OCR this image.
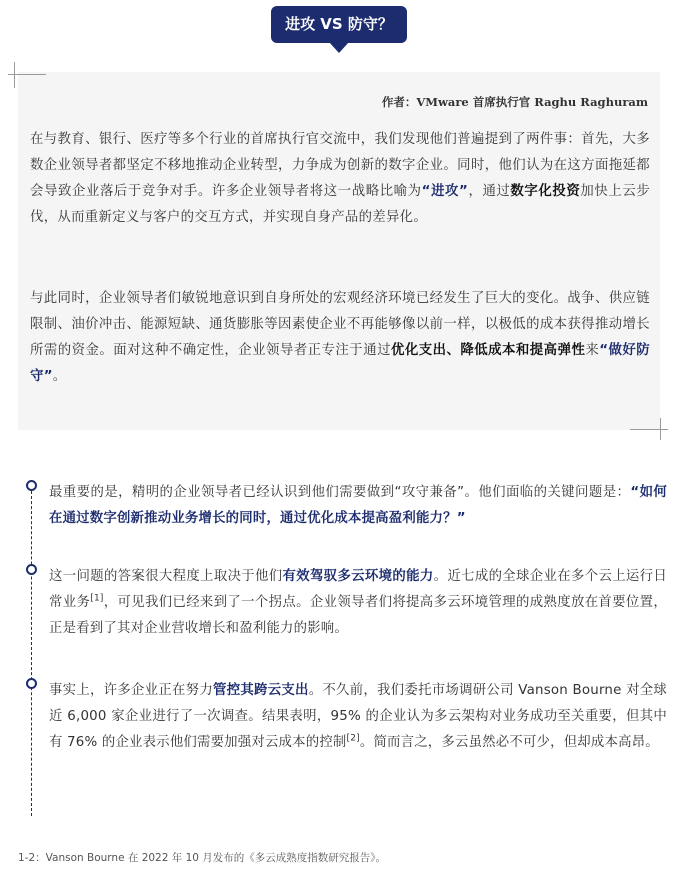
进攻 VS 防守？
作者：VMware 首席执行官 Raghu Raghuram

在与教育、银行、医疗等多个行业的首席执行官交流中，我们发现他们普遍提到了两件事：首先，大多数企业领导者都坚定不移地推动企业转型，力争成为创新的数字企业。同时，他们认为在这方面拖延都会导致企业落后于竞争对手。许多企业领导者将这一战略比喻为“进攻”，通过数字化投资加快上云步伐，从而重新定义与客户的交互方式，并实现自身产品的差异化。

与此同时，企业领导者们敏锐地意识到自身所处的宏观经济环境已经发生了巨大的变化。战争、供应链限制、油价冲击、能源短缺、通货膨胀等因素使企业不再能够像以前一样，以极低的成本获得推动增长所需的资金。面对这种不确定性，企业领导者正专注于通过优化支出、降低成本和提高弹性来“做好防守”。

最重要的是，精明的企业领导者已经认识到他们需要做到“攻守兼备”。他们面临的关键问题是：“如何在通过数字创新推动业务增长的同时，通过优化成本提高盈利能力？”

这一问题的答案很大程度上取决于他们有效驾驭多云环境的能力。近七成的全球企业在多个云上运行日常业务[1]，可见我们已经来到了一个拐点。企业领导者们将提高多云环境管理的成熟度放在首要位置，正是看到了其对企业营收增长和盈利能力的影响。

事实上，许多企业正在努力管控其跨云支出。不久前，我们委托市场调研公司 Vanson Bourne 对全球近 6,000 家企业进行了一次调查。结果表明，95% 的企业认为多云架构对业务成功至关重要，但其中有 76% 的企业表示他们需要加强对云成本的控制[2]。简而言之，多云虽然必不可少，但却成本高昂。

1-2：Vanson Bourne 在 2022 年 10 月发布的《多云成熟度指数研究报告》。
